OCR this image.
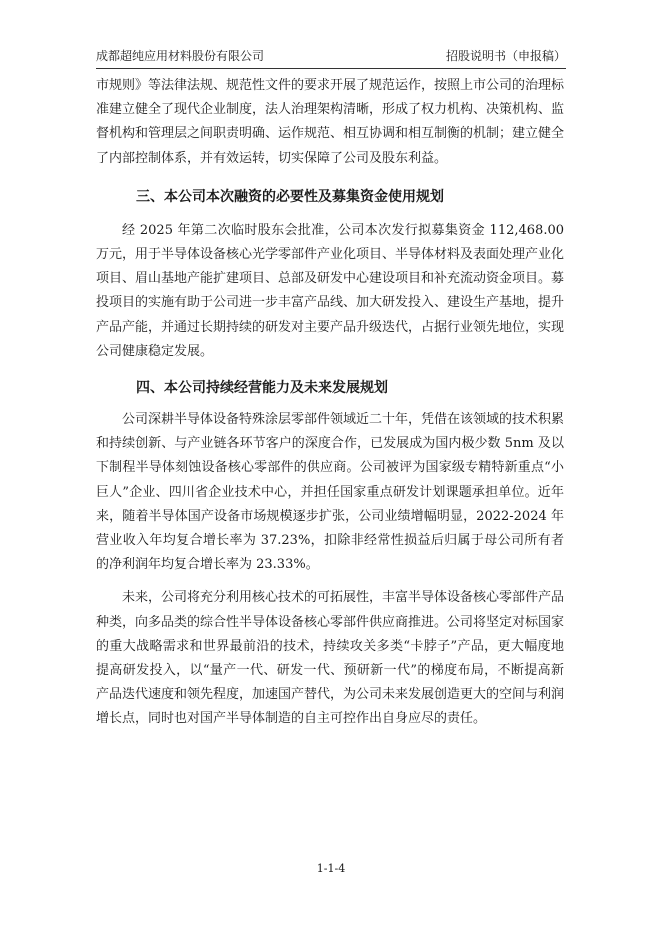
成都超纯应用材料股份有限公司	招股说明书（申报稿）

市规则》等法律法规、规范性文件的要求开展了规范运作，按照上市公司的治理标准建立健全了现代企业制度，法人治理架构清晰，形成了权力机构、决策机构、监督机构和管理层之间职责明确、运作规范、相互协调和相互制衡的机制；建立健全了内部控制体系，并有效运转，切实保障了公司及股东利益。

三、本公司本次融资的必要性及募集资金使用规划

经 2025 年第二次临时股东会批准，公司本次发行拟募集资金 112,468.00 万元，用于半导体设备核心光学零部件产业化项目、半导体材料及表面处理产业化项目、眉山基地产能扩建项目、总部及研发中心建设项目和补充流动资金项目。募投项目的实施有助于公司进一步丰富产品线、加大研发投入、建设生产基地，提升产品产能，并通过长期持续的研发对主要产品升级迭代，占据行业领先地位，实现公司健康稳定发展。

四、本公司持续经营能力及未来发展规划

公司深耕半导体设备特殊涂层零部件领域近二十年，凭借在该领域的技术积累和持续创新、与产业链各环节客户的深度合作，已发展成为国内极少数 5nm 及以下制程半导体刻蚀设备核心零部件的供应商。公司被评为国家级专精特新重点“小巨人”企业、四川省企业技术中心，并担任国家重点研发计划课题承担单位。近年来，随着半导体国产设备市场规模逐步扩张，公司业绩增幅明显，2022-2024 年营业收入年均复合增长率为 37.23%，扣除非经常性损益后归属于母公司所有者的净利润年均复合增长率为 23.33%。

未来，公司将充分利用核心技术的可拓展性，丰富半导体设备核心零部件产品种类，向多品类的综合性半导体设备核心零部件供应商推进。公司将坚定对标国家的重大战略需求和世界最前沿的技术，持续攻关多类“卡脖子”产品，更大幅度地提高研发投入，以“量产一代、研发一代、预研新一代”的梯度布局，不断提高新产品迭代速度和领先程度，加速国产替代，为公司未来发展创造更大的空间与利润增长点，同时也对国产半导体制造的自主可控作出自身应尽的责任。

1-1-4
